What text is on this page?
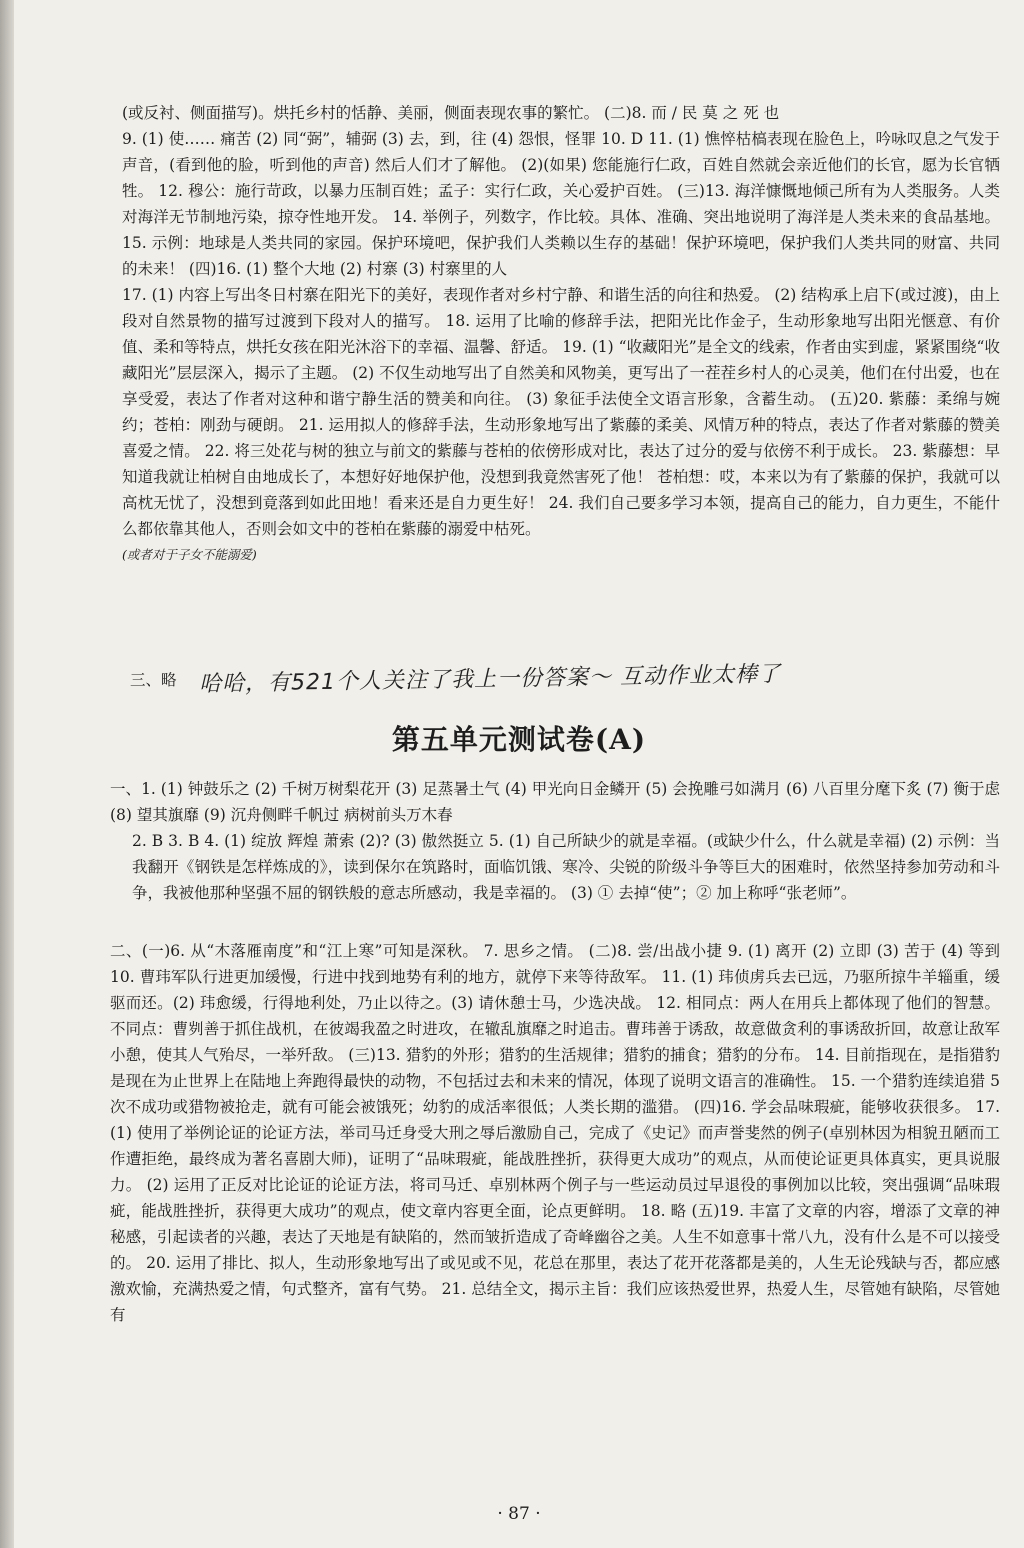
(或反衬、侧面描写)。烘托乡村的恬静、美丽，侧面表现农事的繁忙。 (二)8. 而 / 民 莫 之 死 也

9. (1) 使…… 痛苦 (2) 同“弼”，辅弼 (3) 去，到，往 (4) 怨恨，怪罪 10. D 11. (1) 憔悴枯槁表现在脸色上，吟咏叹息之气发于声音，(看到他的脸，听到他的声音) 然后人们才了解他。 (2)(如果) 您能施行仁政，百姓自然就会亲近他们的长官，愿为长官牺牲。 12. 穆公：施行苛政，以暴力压制百姓；孟子：实行仁政，关心爱护百姓。 (三)13. 海洋慷慨地倾己所有为人类服务。人类对海洋无节制地污染，掠夺性地开发。 14. 举例子，列数字，作比较。具体、准确、突出地说明了海洋是人类未来的食品基地。 15. 示例：地球是人类共同的家园。保护环境吧，保护我们人类赖以生存的基础！保护环境吧，保护我们人类共同的财富、共同的未来！ (四)16. (1) 整个大地 (2) 村寨 (3) 村寨里的人

17. (1) 内容上写出冬日村寨在阳光下的美好，表现作者对乡村宁静、和谐生活的向往和热爱。 (2) 结构承上启下(或过渡)，由上段对自然景物的描写过渡到下段对人的描写。 18. 运用了比喻的修辞手法，把阳光比作金子，生动形象地写出阳光惬意、有价值、柔和等特点，烘托女孩在阳光沐浴下的幸福、温馨、舒适。 19. (1) “收藏阳光”是全文的线索，作者由实到虚，紧紧围绕“收藏阳光”层层深入，揭示了主题。 (2) 不仅生动地写出了自然美和风物美，更写出了一茬茬乡村人的心灵美，他们在付出爱，也在享受爱，表达了作者对这种和谐宁静生活的赞美和向往。 (3) 象征手法使全文语言形象，含蓄生动。 (五)20. 紫藤：柔绵与婉约；苍柏：刚劲与硬朗。 21. 运用拟人的修辞手法，生动形象地写出了紫藤的柔美、风情万种的特点，表达了作者对紫藤的赞美喜爱之情。 22. 将三处花与树的独立与前文的紫藤与苍柏的依傍形成对比，表达了过分的爱与依傍不利于成长。 23. 紫藤想：早知道我就让柏树自由地成长了，本想好好地保护他，没想到我竟然害死了他！ 苍柏想：哎，本来以为有了紫藤的保护，我就可以高枕无忧了，没想到竟落到如此田地！看来还是自力更生好！ 24. 我们自己要多学习本领，提高自己的能力，自力更生，不能什么都依靠其他人，否则会如文中的苍柏在紫藤的溺爱中枯死。

(或者对于子女不能溺爱)

三、略 哈哈，有521个人关注了我上一份答案～ 互动作业太棒了
第五单元测试卷(A)

一、1. (1) 钟鼓乐之 (2) 千树万树梨花开 (3) 足蒸暑土气 (4) 甲光向日金鳞开 (5) 会挽雕弓如满月 (6) 八百里分麾下炙 (7) 衡于虑 (8) 望其旗靡 (9) 沉舟侧畔千帆过 病树前头万木春

2. B 3. B 4. (1) 绽放 辉煌 萧索 (2)? (3) 傲然挺立 5. (1) 自己所缺少的就是幸福。(或缺少什么，什么就是幸福) (2) 示例：当我翻开《钢铁是怎样炼成的》，读到保尔在筑路时，面临饥饿、寒冷、尖锐的阶级斗争等巨大的困难时，依然坚持参加劳动和斗争，我被他那种坚强不屈的钢铁般的意志所感动，我是幸福的。 (3) ① 去掉“使”；② 加上称呼“张老师”。

二、(一)6. 从“木落雁南度”和“江上寒”可知是深秋。 7. 思乡之情。 (二)8. 尝/出战小捷 9. (1) 离开 (2) 立即 (3) 苦于 (4) 等到 10. 曹玮军队行进更加缓慢，行进中找到地势有利的地方，就停下来等待敌军。 11. (1) 玮侦虏兵去已远，乃驱所掠牛羊辎重，缓驱而还。(2) 玮愈缓，行得地利处，乃止以待之。(3) 请休憩士马，少选决战。 12. 相同点：两人在用兵上都体现了他们的智慧。 不同点：曹刿善于抓住战机，在彼竭我盈之时进攻，在辙乱旗靡之时追击。曹玮善于诱敌，故意做贪利的事诱敌折回，故意让敌军小憩，使其人气殆尽，一举歼敌。 (三)13. 猎豹的外形；猎豹的生活规律；猎豹的捕食；猎豹的分布。 14. 目前指现在，是指猎豹是现在为止世界上在陆地上奔跑得最快的动物，不包括过去和未来的情况，体现了说明文语言的准确性。 15. 一个猎豹连续追猎 5 次不成功或猎物被抢走，就有可能会被饿死；幼豹的成活率很低；人类长期的滥猎。 (四)16. 学会品味瑕疵，能够收获很多。 17. (1) 使用了举例论证的论证方法，举司马迁身受大刑之辱后激励自己，完成了《史记》而声誉斐然的例子(卓别林因为相貌丑陋而工作遭拒绝，最终成为著名喜剧大师)，证明了“品味瑕疵，能战胜挫折，获得更大成功”的观点，从而使论证更具体真实，更具说服力。 (2) 运用了正反对比论证的论证方法，将司马迁、卓别林两个例子与一些运动员过早退役的事例加以比较，突出强调“品味瑕疵，能战胜挫折，获得更大成功”的观点，使文章内容更全面，论点更鲜明。 18. 略 (五)19. 丰富了文章的内容，增添了文章的神秘感，引起读者的兴趣，表达了天地是有缺陷的，然而皱折造成了奇峰幽谷之美。人生不如意事十常八九，没有什么是不可以接受的。 20. 运用了排比、拟人，生动形象地写出了或见或不见，花总在那里，表达了花开花落都是美的，人生无论残缺与否，都应感激欢愉，充满热爱之情，句式整齐，富有气势。 21. 总结全文，揭示主旨：我们应该热爱世界，热爱人生，尽管她有缺陷，尽管她有

· 87 ·
